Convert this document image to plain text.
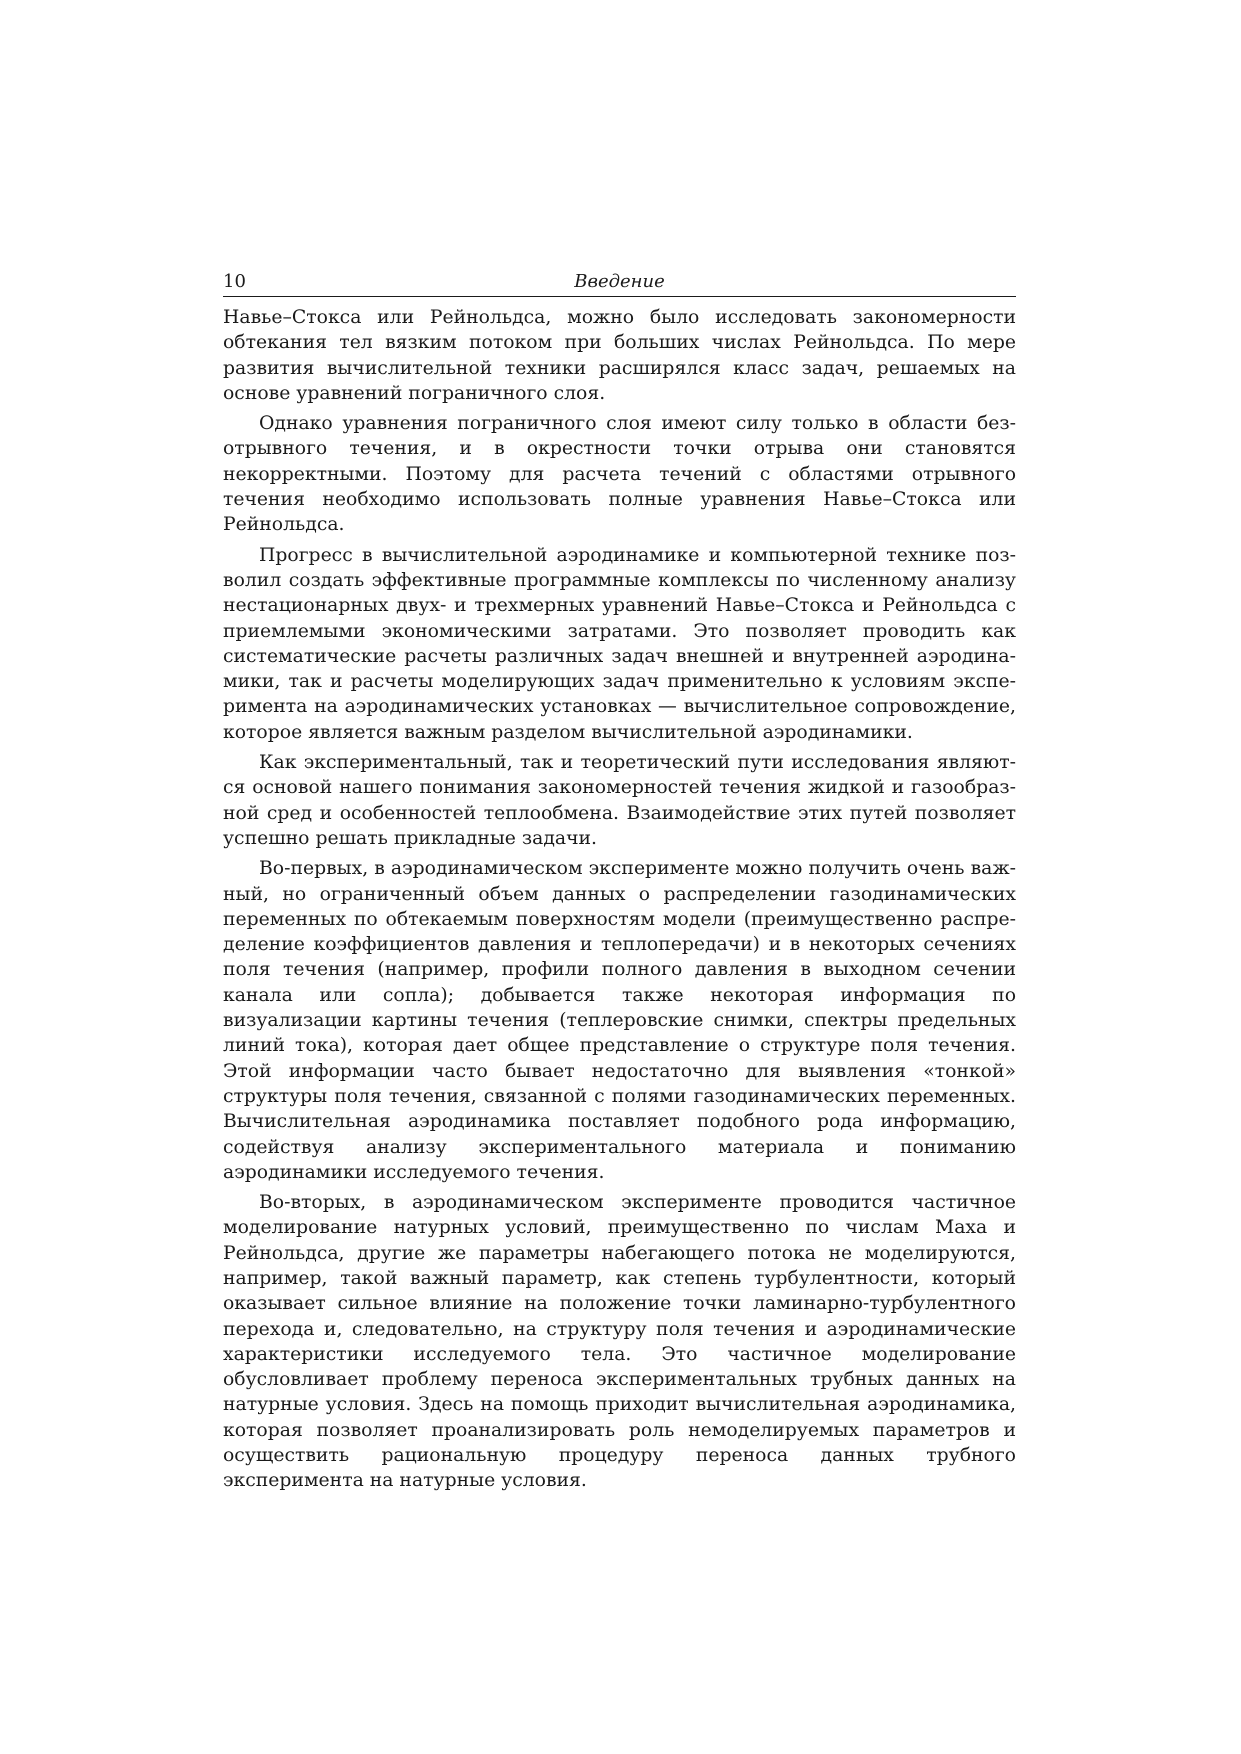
10	Введение

Навье–Стокса или Рейнольдса, можно было исследовать закономерности обтекания тел вязким потоком при больших числах Рейнольдса. По мере развития вычислительной техники расширялся класс задач, решаемых на основе уравнений пограничного слоя.

Однако уравнения пограничного слоя имеют силу только в области безотрывного течения, и в окрестности точки отрыва они становятся некорректными. Поэтому для расчета течений с областями отрывного течения необходимо использовать полные уравнения Навье–Стокса или Рейнольдса.

Прогресс в вычислительной аэродинамике и компьютерной технике позволил создать эффективные программные комплексы по численному анализу нестационарных двух- и трехмерных уравнений Навье–Стокса и Рейнольдса с приемлемыми экономическими затратами. Это позволяет проводить как систематические расчеты различных задач внешней и внутренней аэродинамики, так и расчеты моделирующих задач применительно к условиям эксперимента на аэродинамических установках — вычислительное сопровождение, которое является важным разделом вычислительной аэродинамики.

Как экспериментальный, так и теоретический пути исследования являются основой нашего понимания закономерностей течения жидкой и газообразной сред и особенностей теплообмена. Взаимодействие этих путей позволяет успешно решать прикладные задачи.

Во-первых, в аэродинамическом эксперименте можно получить очень важный, но ограниченный объем данных о распределении газодинамических переменных по обтекаемым поверхностям модели (преимущественно распределение коэффициентов давления и теплопередачи) и в некоторых сечениях поля течения (например, профили полного давления в выходном сечении канала или сопла); добывается также некоторая информация по визуализации картины течения (теплеровские снимки, спектры предельных линий тока), которая дает общее представление о структуре поля течения. Этой информации часто бывает недостаточно для выявления «тонкой» структуры поля течения, связанной с полями газодинамических переменных. Вычислительная аэродинамика поставляет подобного рода информацию, содействуя анализу экспериментального материала и пониманию аэродинамики исследуемого течения.

Во-вторых, в аэродинамическом эксперименте проводится частичное моделирование натурных условий, преимущественно по числам Маха и Рейнольдса, другие же параметры набегающего потока не моделируются, например, такой важный параметр, как степень турбулентности, который оказывает сильное влияние на положение точки ламинарно-турбулентного перехода и, следовательно, на структуру поля течения и аэродинамические характеристики исследуемого тела. Это частичное моделирование обусловливает проблему переноса экспериментальных трубных данных на натурные условия. Здесь на помощь приходит вычислительная аэродинамика, которая позволяет проанализировать роль немоделируемых параметров и осуществить рациональную процедуру переноса данных трубного эксперимента на натурные условия.
